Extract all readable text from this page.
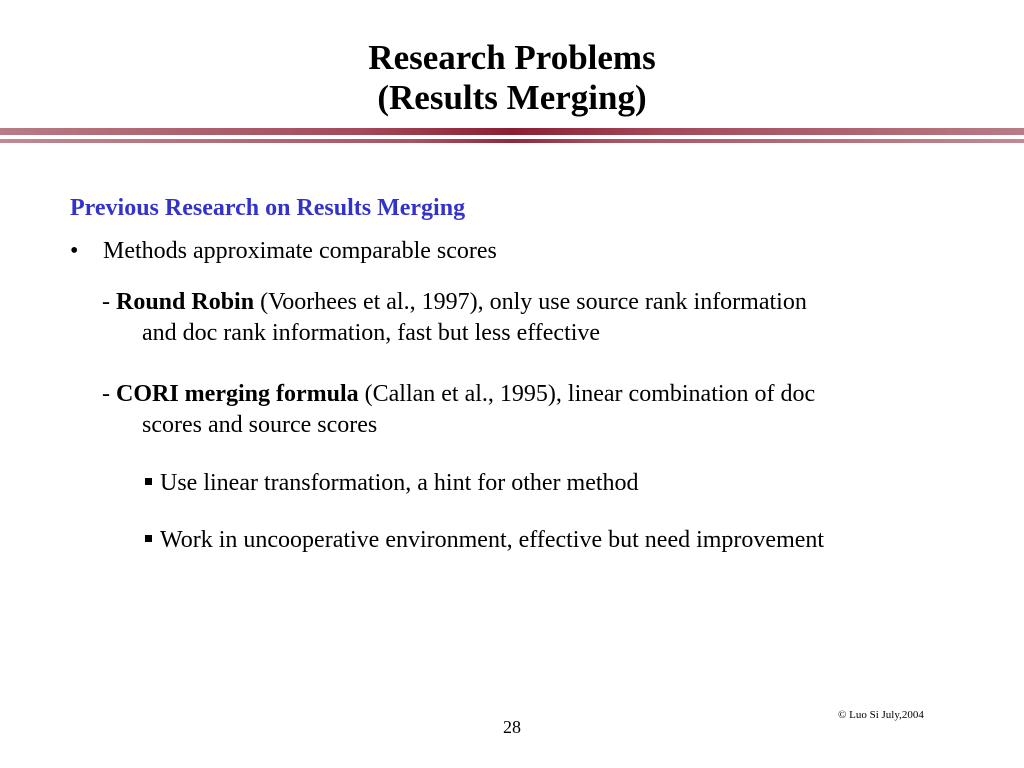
Research Problems
(Results Merging)
Previous Research on Results Merging
• Methods approximate comparable scores
- Round Robin (Voorhees et al., 1997), only use source rank information
and doc rank information, fast but less effective
- CORI merging formula (Callan et al., 1995), linear combination of doc
scores and source scores
Use linear transformation, a hint for other method
Work in uncooperative environment, effective but need improvement
© Luo Si July,2004
28
